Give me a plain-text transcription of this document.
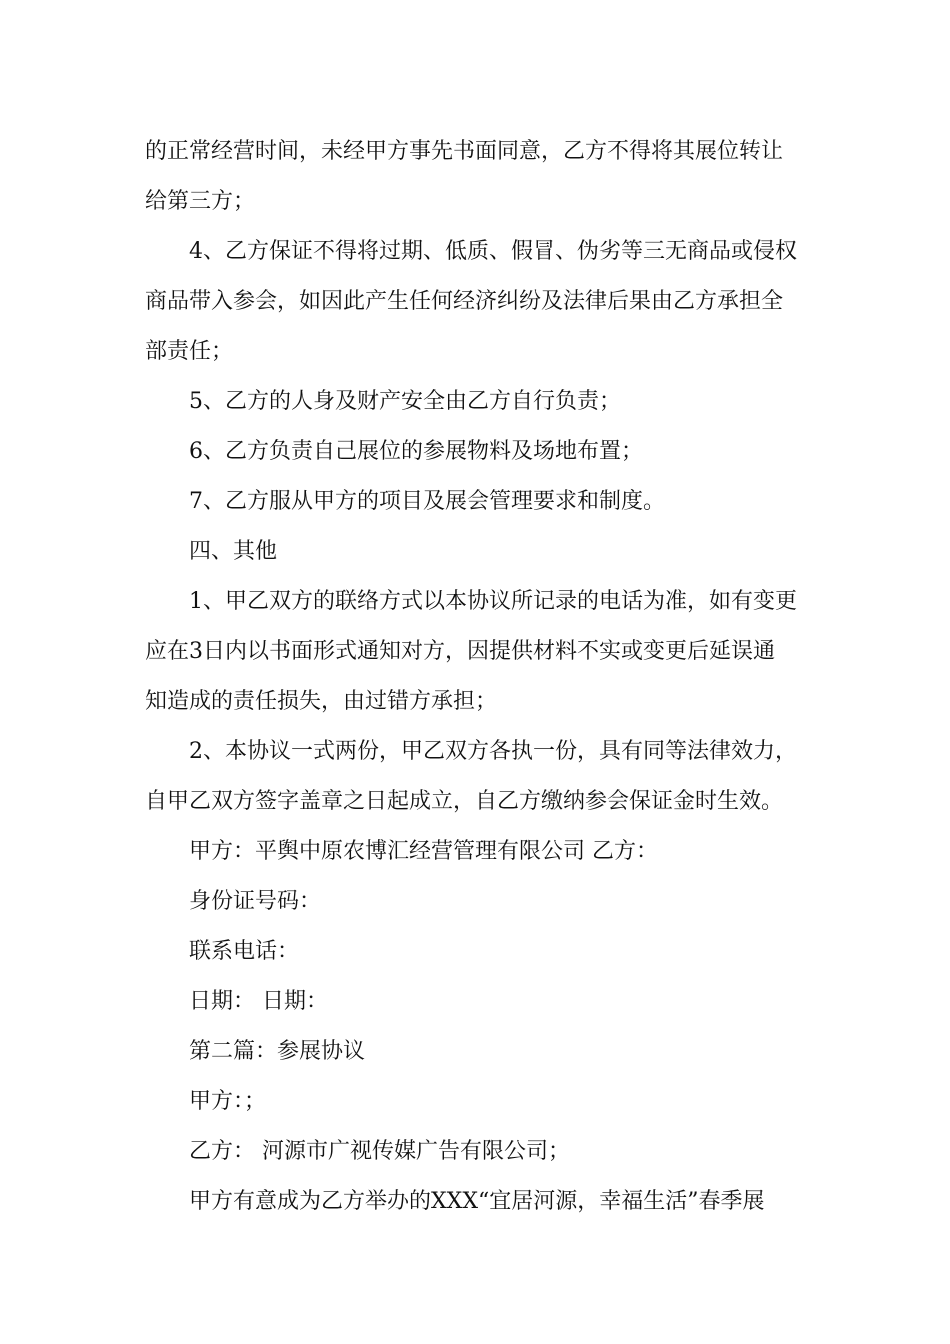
的正常经营时间，未经甲方事先书面同意，乙方不得将其展位转让
给第三方；
4、乙方保证不得将过期、低质、假冒、伪劣等三无商品或侵权
商品带入参会，如因此产生任何经济纠纷及法律后果由乙方承担全
部责任；
5、乙方的人身及财产安全由乙方自行负责；
6、乙方负责自己展位的参展物料及场地布置；
7、乙方服从甲方的项目及展会管理要求和制度。
四、其他
1、甲乙双方的联络方式以本协议所记录的电话为准，如有变更
应在3日内以书面形式通知对方，因提供材料不实或变更后延误通
知造成的责任损失，由过错方承担；
2、本协议一式两份，甲乙双方各执一份，具有同等法律效力，
自甲乙双方签字盖章之日起成立，自乙方缴纳参会保证金时生效。
甲方：平舆中原农博汇经营管理有限公司 乙方：
身份证号码：
联系电话：
日期： 日期：
第二篇：参展协议
甲方：；
乙方： 河源市广视传媒广告有限公司；
甲方有意成为乙方举办的XXX“宜居河源，幸福生活”春季展
